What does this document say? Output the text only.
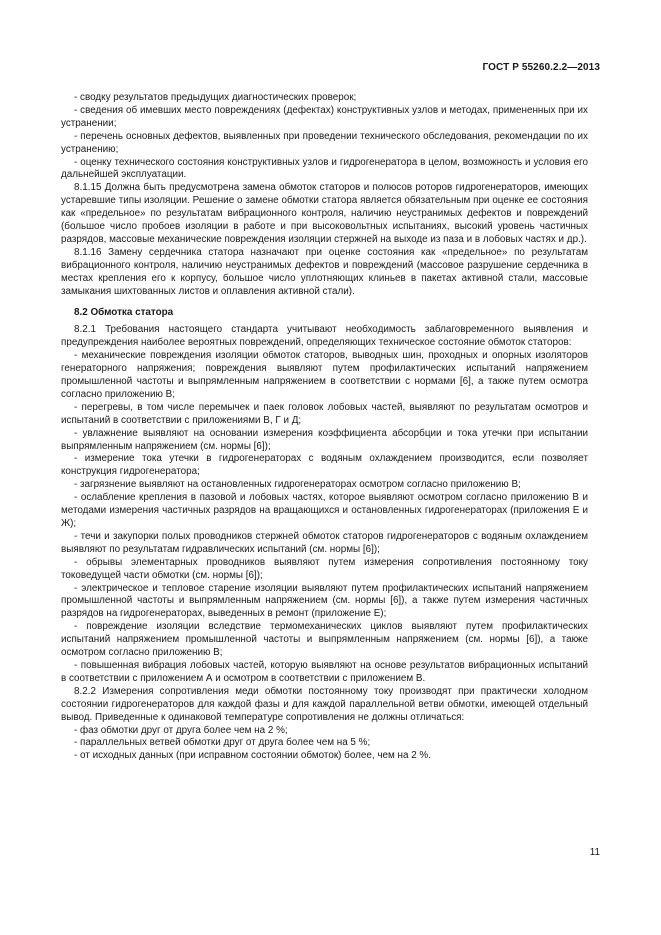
ГОСТ Р 55260.2.2—2013

- сводку результатов предыдущих диагностических проверок;

- сведения об имевших место повреждениях (дефектах) конструктивных узлов и методах, примененных при их устранении;

- перечень основных дефектов, выявленных при проведении технического обследования, рекомендации по их устранению;

- оценку технического состояния конструктивных узлов и гидрогенератора в целом, возможность и условия его дальнейшей эксплуатации.

8.1.15 Должна быть предусмотрена замена обмоток статоров и полюсов роторов гидрогенераторов, имеющих устаревшие типы изоляции. Решение о замене обмотки статора является обязательным при оценке ее состояния как «предельное» по результатам вибрационного контроля, наличию неустранимых дефектов и повреждений (большое число пробоев изоляции в работе и при высоковольтных испытаниях, высокий уровень частичных разрядов, массовые механические повреждения изоляции стержней на выходе из паза и в лобовых частях и др.).

8.1.16 Замену сердечника статора назначают при оценке состояния как «предельное» по результатам вибрационного контроля, наличию неустранимых дефектов и повреждений (массовое разрушение сердечника в местах крепления его к корпусу, большое число уплотняющих клиньев в пакетах активной стали, массовые замыкания шихтованных листов и оплавления активной стали).

8.2 Обмотка статора

8.2.1 Требования настоящего стандарта учитывают необходимость заблаговременного выявления и предупреждения наиболее вероятных повреждений, определяющих техническое состояние обмоток статоров:

- механические повреждения изоляции обмоток статоров, выводных шин, проходных и опорных изоляторов генераторного напряжения; повреждения выявляют путем профилактических испытаний напряжением промышленной частоты и выпрямленным напряжением в соответствии с нормами [6], а также путем осмотра согласно приложению В;

- перегревы, в том числе перемычек и паек головок лобовых частей, выявляют по результатам осмотров и испытаний в соответствии с приложениями В, Г и Д;

- увлажнение выявляют на основании измерения коэффициента абсорбции и тока утечки при испытании выпрямленным напряжением (см. нормы [6]);

- измерение тока утечки в гидрогенераторах с водяным охлаждением производится, если позволяет конструкция гидрогенератора;

- загрязнение выявляют на остановленных гидрогенераторах осмотром согласно приложению В;

- ослабление крепления в пазовой и лобовых частях, которое выявляют осмотром согласно приложению В и методами измерения частичных разрядов на вращающихся и остановленных гидрогенераторах (приложения Е и Ж);

- течи и закупорки полых проводников стержней обмоток статоров гидрогенераторов с водяным охлаждением выявляют по результатам гидравлических испытаний (см. нормы [6]);

- обрывы элементарных проводников выявляют путем измерения сопротивления постоянному току токоведущей части обмотки (см. нормы [6]);

- электрическое и тепловое старение изоляции выявляют путем профилактических испытаний напряжением промышленной частоты и выпрямленным напряжением (см. нормы [6]), а также путем измерения частичных разрядов на гидрогенераторах, выведенных в ремонт (приложение Е);

- повреждение изоляции вследствие термомеханических циклов выявляют путем профилактических испытаний напряжением промышленной частоты и выпрямленным напряжением (см. нормы [6]), а также осмотром согласно приложению В;

- повышенная вибрация лобовых частей, которую выявляют на основе результатов вибрационных испытаний в соответствии с приложением А и осмотром в соответствии с приложением В.

8.2.2 Измерения сопротивления меди обмотки постоянному току производят при практически холодном состоянии гидрогенераторов для каждой фазы и для каждой параллельной ветви обмотки, имеющей отдельный вывод. Приведенные к одинаковой температуре сопротивления не должны отличаться:

- фаз обмотки друг от друга более чем на 2 %;

- параллельных ветвей обмотки друг от друга более чем на 5 %;

- от исходных данных (при исправном состоянии обмоток) более, чем на 2 %.

11
